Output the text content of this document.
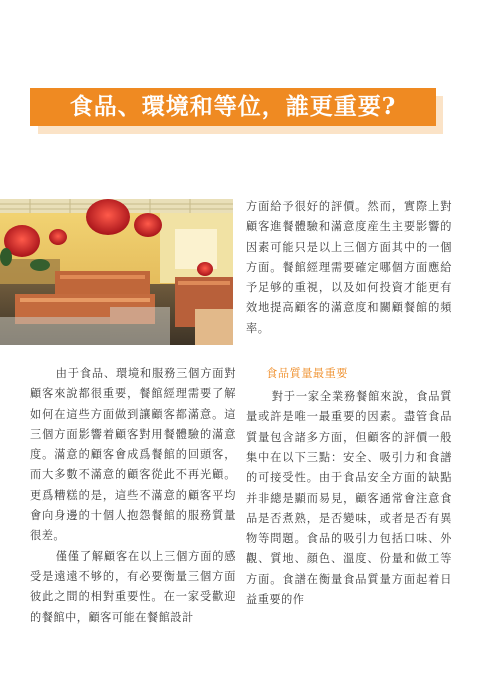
食品、環境和等位，誰更重要?

由于食品、環境和服務三個方面對顧客來說都很重要，餐館經理需要了解如何在這些方面做到讓顧客都滿意。這三個方面影響着顧客對用餐體驗的滿意度。滿意的顧客會成爲餐館的回頭客，而大多數不滿意的顧客從此不再光顧。更爲糟糕的是，這些不滿意的顧客平均會向身邊的十個人抱怨餐館的服務質量很差。

僅僅了解顧客在以上三個方面的感受是遠遠不够的，有必要衡量三個方面彼此之間的相對重要性。在一家受歡迎的餐館中，顧客可能在餐館設計

方面給予很好的評價。然而，實際上對顧客進餐體驗和滿意度産生主要影響的因素可能只是以上三個方面其中的一個方面。餐館經理需要確定哪個方面應給予足够的重視，以及如何投資才能更有效地提高顧客的滿意度和關顧餐館的頻率。

食品質量最重要

對于一家全業務餐館來說，食品質量或許是唯一最重要的因素。盡管食品質量包含諸多方面，但顧客的評價一般集中在以下三點：安全、吸引力和食譜的可接受性。由于食品安全方面的缺點并非總是顯而易見，顧客通常會注意食品是否煮熟，是否變味，或者是否有異物等問題。食品的吸引力包括口味、外觀、質地、顔色、溫度、份量和做工等方面。食譜在衡量食品質量方面起着日益重要的作
